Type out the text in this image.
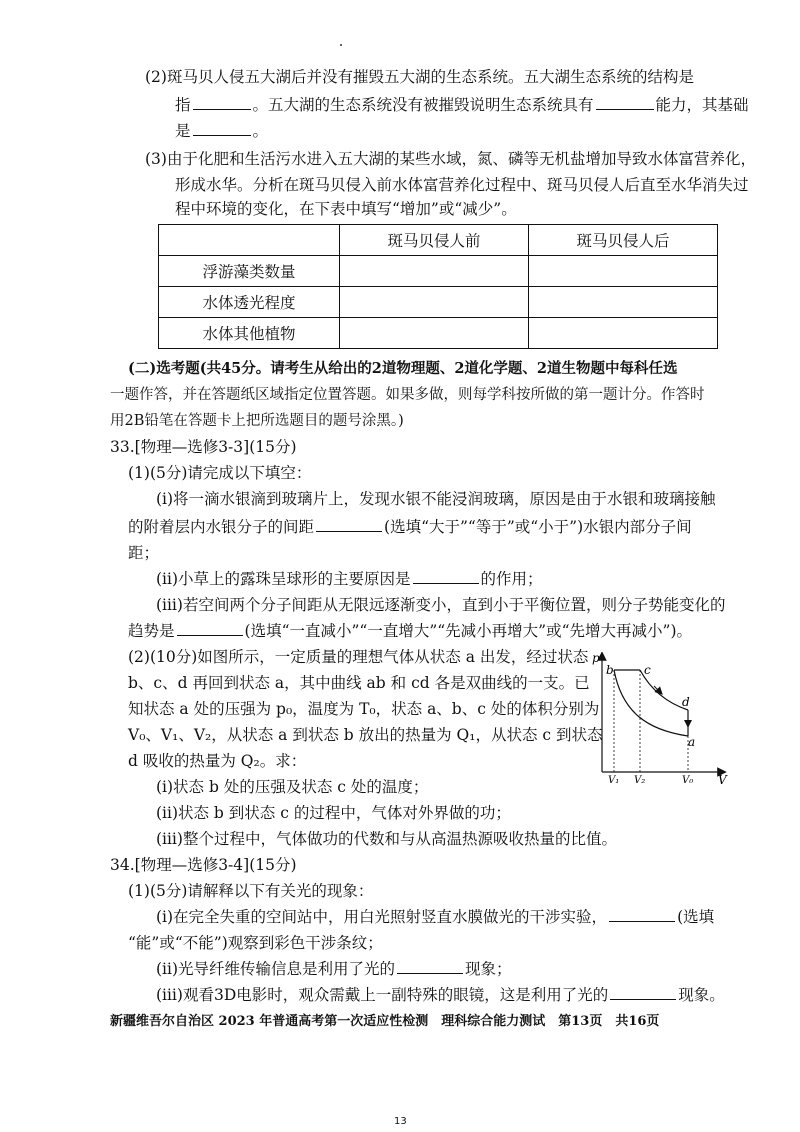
(2)斑马贝人侵五大湖后并没有摧毁五大湖的生态系统。五大湖生态系统的结构是
指	。五大湖的生态系统没有被摧毁说明生态系统具有	能力，其基础
是	。
(3)由于化肥和生活污水进入五大湖的某些水域，氮、磷等无机盐增加导致水体富营养化，
形成水华。分析在斑马贝侵入前水体富营养化过程中、斑马贝侵人后直至水华消失过
程中环境的变化，在下表中填写“增加”或“减少”。
	斑马贝侵人前	斑马贝侵人后
浮游藻类数量		
水体透光程度		
水体其他植物		
(二)选考题(共45分。请考生从给出的2道物理题、2道化学题、2道生物题中每科任选
一题作答，并在答题纸区域指定位置答题。如果多做，则每学科按所做的第一题计分。作答时
用2B铅笔在答题卡上把所选题目的题号涂黑。)
33.[物理—选修3-3](15分)
(1)(5分)请完成以下填空：
(ⅰ)将一滴水银滴到玻璃片上，发现水银不能浸润玻璃，原因是由于水银和玻璃接触
的附着层内水银分子的间距	(选填“大于”“等于”或“小于”)水银内部分子间
距；
(ⅱ)小草上的露珠呈球形的主要原因是	的作用；
(ⅲ)若空间两个分子间距从无限远逐渐变小，直到小于平衡位置，则分子势能变化的
趋势是	(选填“一直减小”“一直增大”“先减小再增大”或“先增大再减小”)。
(2)(10分)如图所示，一定质量的理想气体从状态 a 出发，经过状态
b、c、d 再回到状态 a，其中曲线 ab 和 cd 各是双曲线的一支。已
知状态 a 处的压强为 p₀，温度为 T₀，状态 a、b、c 处的体积分别为
V₀、V₁、V₂，从状态 a 到状态 b 放出的热量为 Q₁，从状态 c 到状态
d 吸收的热量为 Q₂。求：
(ⅰ)状态 b 处的压强及状态 c 处的温度；
(ⅱ)状态 b 到状态 c 的过程中，气体对外界做的功；
(ⅲ)整个过程中，气体做功的代数和与从高温热源吸收热量的比值。
p
V
b	c
d
a
V₁ V₂	V₀
34.[物理—选修3-4](15分)
(1)(5分)请解释以下有关光的现象：
(ⅰ)在完全失重的空间站中，用白光照射竖直水膜做光的干涉实验，	(选填
“能”或“不能”)观察到彩色干涉条纹；
(ⅱ)光导纤维传输信息是利用了光的	现象；
(ⅲ)观看3D电影时，观众需戴上一副特殊的眼镜，这是利用了光的	现象。
新疆维吾尔自治区 2023 年普通高考第一次适应性检测　理科综合能力测试　第13页　共16页
13
